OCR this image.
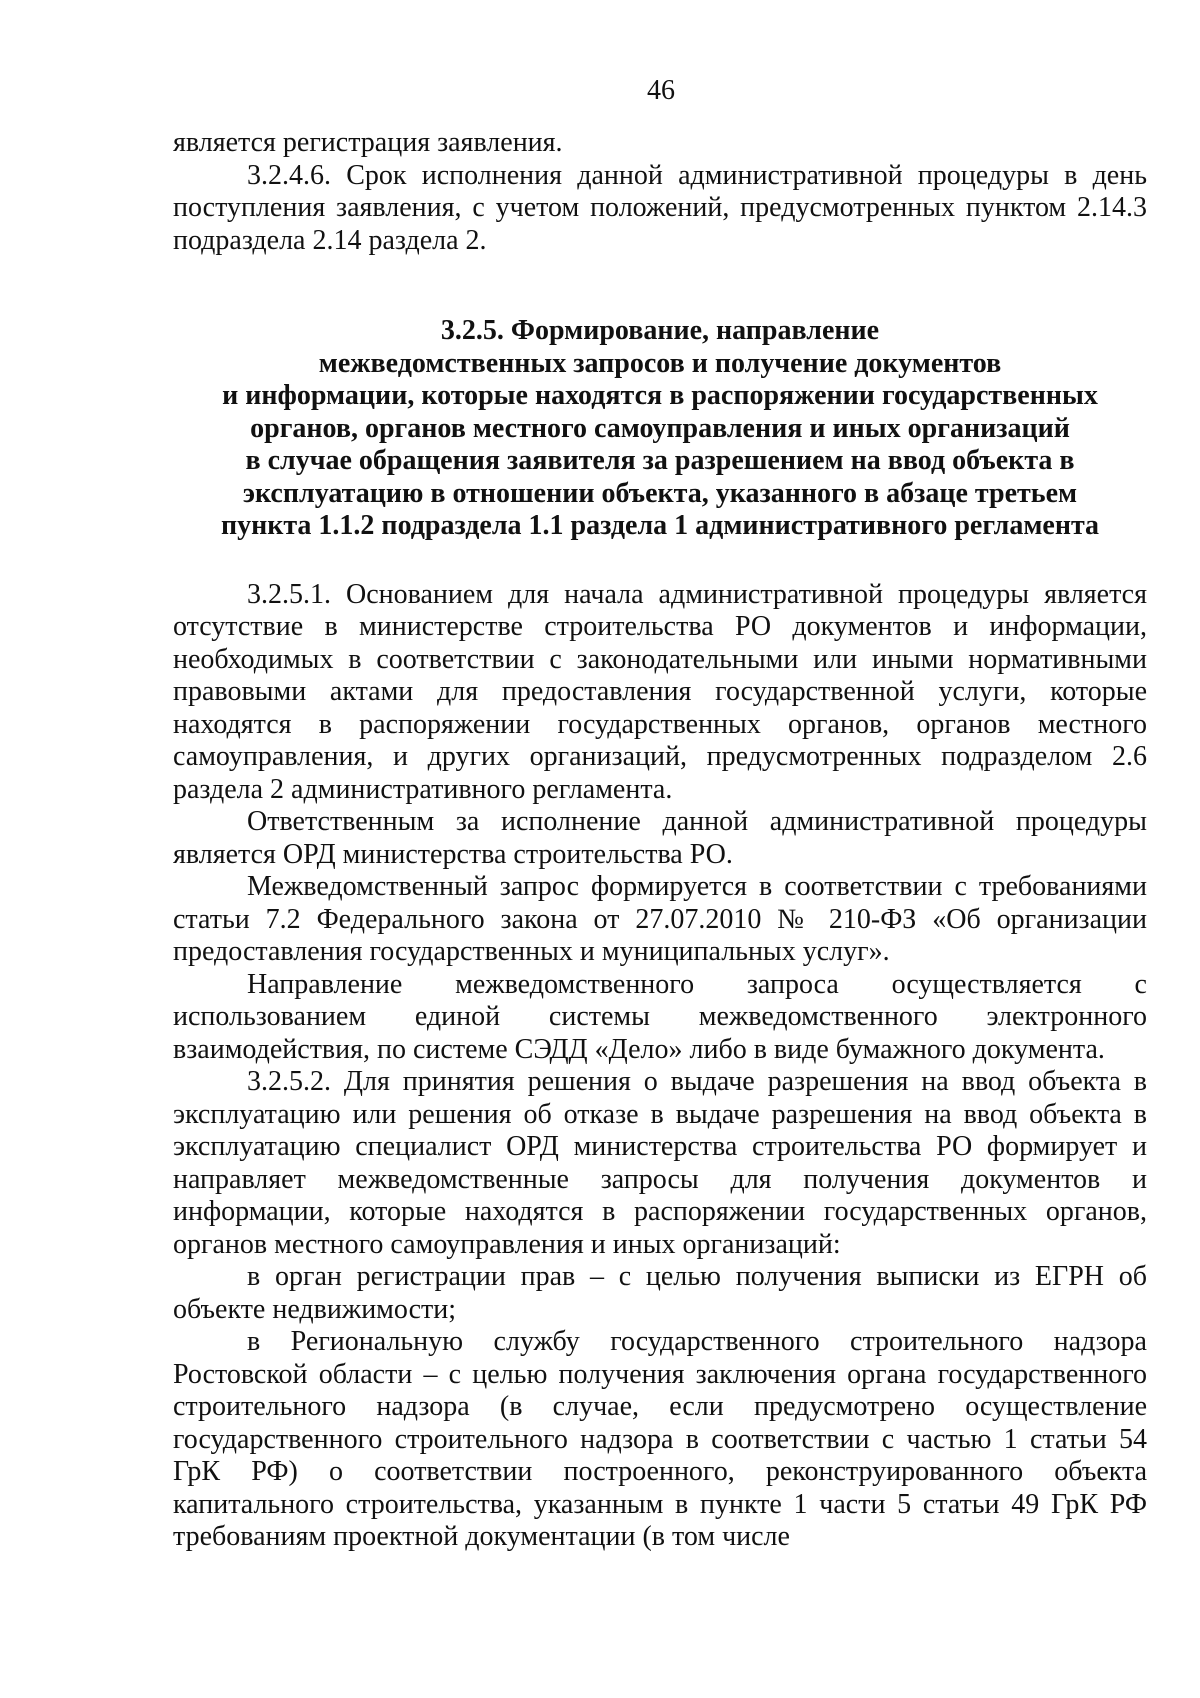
46

является регистрация заявления.

3.2.4.6. Срок исполнения данной административной процедуры в день поступления заявления, с учетом положений, предусмотренных пунктом 2.14.3 подраздела 2.14 раздела 2.

3.2.5. Формирование, направление
межведомственных запросов и получение документов
и информации, которые находятся в распоряжении государственных
органов, органов местного самоуправления и иных организаций
в случае обращения заявителя за разрешением на ввод объекта в
эксплуатацию в отношении объекта, указанного в абзаце третьем
пункта 1.1.2 подраздела 1.1 раздела 1 административного регламента

3.2.5.1. Основанием для начала административной процедуры является отсутствие в министерстве строительства РО документов и информации, необходимых в соответствии с законодательными или иными нормативными правовыми актами для предоставления государственной услуги, которые находятся в распоряжении государственных органов, органов местного самоуправления, и других организаций, предусмотренных подразделом 2.6 раздела 2 административного регламента.

Ответственным за исполнение данной административной процедуры является ОРД министерства строительства РО.

Межведомственный запрос формируется в соответствии с требованиями статьи 7.2 Федерального закона от 27.07.2010 № 210-ФЗ «Об организации предоставления государственных и муниципальных услуг».

Направление межведомственного запроса осуществляется с использованием единой системы межведомственного электронного взаимодействия, по системе СЭДД «Дело» либо в виде бумажного документа.

3.2.5.2. Для принятия решения о выдаче разрешения на ввод объекта в эксплуатацию или решения об отказе в выдаче разрешения на ввод объекта в эксплуатацию специалист ОРД министерства строительства РО формирует и направляет межведомственные запросы для получения документов и информации, которые находятся в распоряжении государственных органов, органов местного самоуправления и иных организаций:

в орган регистрации прав – с целью получения выписки из ЕГРН об объекте недвижимости;

в Региональную службу государственного строительного надзора Ростовской области – с целью получения заключения органа государственного строительного надзора (в случае, если предусмотрено осуществление государственного строительного надзора в соответствии с частью 1 статьи 54 ГрК РФ) о соответствии построенного, реконструированного объекта капитального строительства, указанным в пункте 1 части 5 статьи 49 ГрК РФ требованиям проектной документации (в том числе
